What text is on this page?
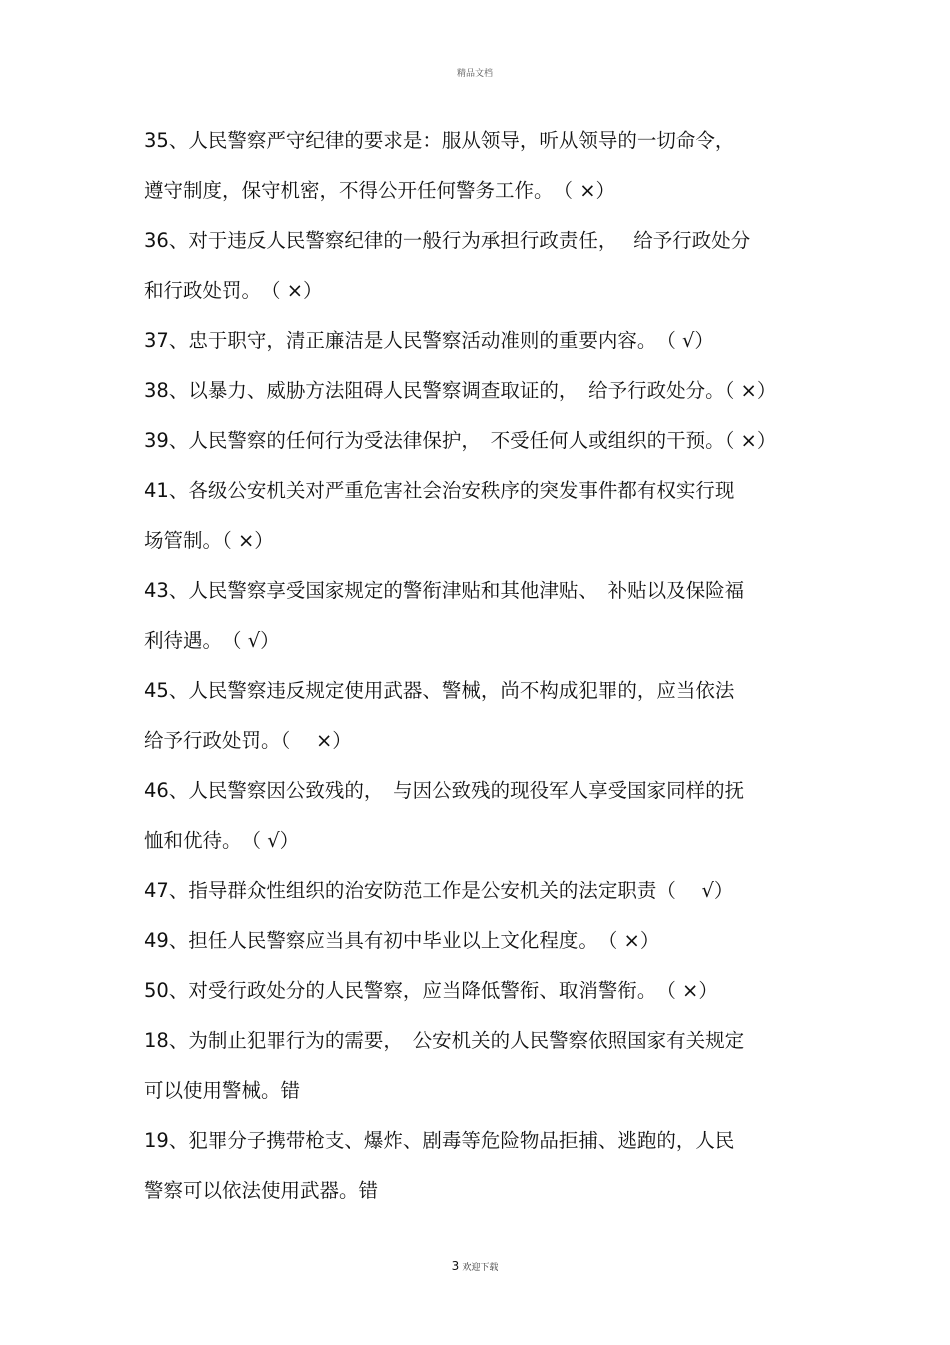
精品文档
35、人民警察严守纪律的要求是：服从领导，听从领导的一切命令，
遵守制度，保守机密，不得公开任何警务工作。　（ ×）
36、对于违反人民警察纪律的一般行为承担行政责任，　 给予行政处分
和行政处罚。　（ ×）
37、忠于职守，清正廉洁是人民警察活动准则的重要内容。　（ √）
38、以暴力、威胁方法阻碍人民警察调查取证的，　给予行政处分。（ ×）
39、人民警察的任何行为受法律保护，　不受任何人或组织的干预。（ ×）
41、各级公安机关对严重危害社会治安秩序的突发事件都有权实行现
场管制。（ ×）
43、人民警察享受国家规定的警衔津贴和其他津贴、　补贴以及保险福
利待遇。　（ √）
45、人民警察违反规定使用武器、警械，尚不构成犯罪的，应当依法
给予行政处罚。（　 ×）
46、人民警察因公致残的，　与因公致残的现役军人享受国家同样的抚
恤和优待。　（ √）
47、指导群众性组织的治安防范工作是公安机关的法定职责（　 √）
49、担任人民警察应当具有初中毕业以上文化程度。　（ ×）
50、对受行政处分的人民警察，应当降低警衔、取消警衔。　（ ×）
18、为制止犯罪行为的需要，　公安机关的人民警察依照国家有关规定
可以使用警械。错
19、犯罪分子携带枪支、爆炸、剧毒等危险物品拒捕、逃跑的，人民
警察可以依法使用武器。错
3 欢迎下载
